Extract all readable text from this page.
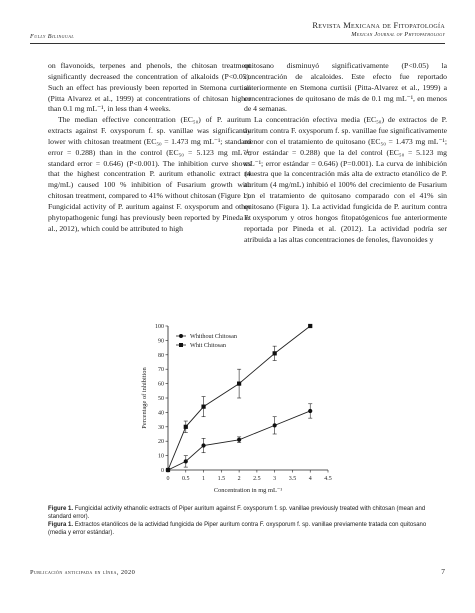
Fully Bilingual
Revista Mexicana de Fitopatología
Mexican Journal of Phytopathology

on flavonoids, terpenes and phenols, the chitosan treatment significantly decreased the concentration of alkaloids (P<0.05). Such an effect has previously been reported in Stemona curtisii (Pitta Alvarez et al., 1999) at concentrations of chitosan higher than 0.1 mg mL⁻¹, in less than 4 weeks.

The median effective concentration (EC₅₀) of P. auritum extracts against F. oxysporum f. sp. vanillae was significantly lower with chitosan treatment (EC₅₀ = 1.473 mg mL⁻¹; standard error = 0.288) than in the control (EC₅₀ = 5.123 mg mL⁻¹; standard error = 0.646) (P<0.001). The inhibition curve shows that the highest concentration P. auritum ethanolic extract (4 mg/mL) caused 100 % inhibition of Fusarium growth with chitosan treatment, compared to 41% without chitosan (Figure 1). Fungicidal activity of P. auritum against F. oxysporum and other phytopathogenic fungi has previously been reported by Pineda et al., 2012), which could be attributed to high

quitosano disminuyó significativamente (P<0.05) la concentración de alcaloides. Este efecto fue reportado anteriormente en Stemona curtisii (Pitta-Alvarez et al., 1999) a concentraciones de quitosano de más de 0.1 mg mL⁻¹, en menos de 4 semanas.

La concentración efectiva media (EC₅₀) de extractos de P. auritum contra F. oxysporum f. sp. vanillae fue significativamente menor con el tratamiento de quitosano (EC₅₀ = 1.473 mg mL⁻¹; error estándar = 0.288) que la del control (EC₅₀ = 5.123 mg mL⁻¹; error estándar = 0.646) (P=0.001). La curva de inhibición muestra que la concentración más alta de extracto etanólico de P. auritum (4 mg/mL) inhibió el 100% del crecimiento de Fusarium con el tratamiento de quitosano comparado con el 41% sin quitosano (Figura 1). La actividad fungicida de P. auritum contra F. oxysporum y otros hongos fitopatógenicos fue anteriormente reportada por Pineda et al. (2012). La actividad podría ser atribuida a las altas concentraciones de fenoles, flavonoides y

0 0.5 1 1.5 2 2.5 3 3.5 4 4.5
0
10
20
30
40
50
60
70
80
90
100
Concentration in mg mL⁻¹
Percentage of inhibition
Whithout Chitosan
Whit Chitosan
Figure 1. Fungicidal activity ethanolic extracts of Piper auritum against F. oxysporum f. sp. vanillae previously treated with chitosan (mean and standard error).
Figura 1. Extractos etanólicos de la actividad fungicida de Piper auritum contra F. oxysporum f. sp. vanillae previamente tratada con quitosano (media y error estándar).
Publicación anticipada en línea, 2020	7
